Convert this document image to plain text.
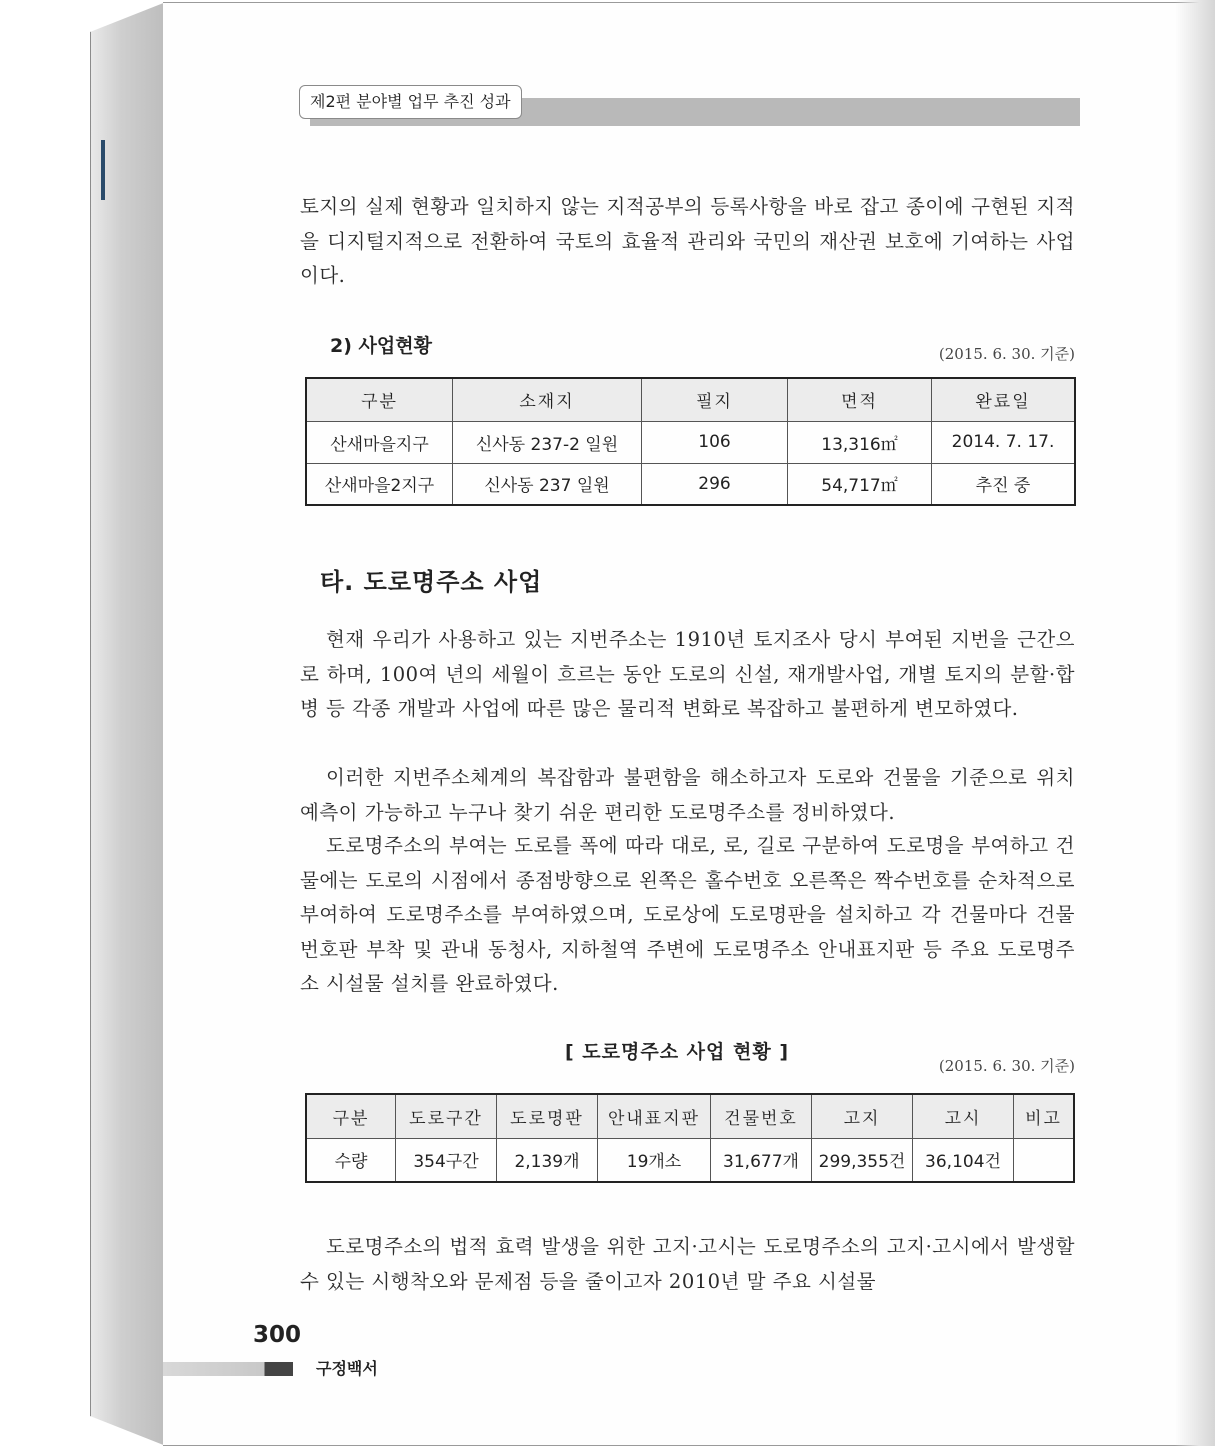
제2편 분야별 업무 추진 성과

토지의 실제 현황과 일치하지 않는 지적공부의 등록사항을 바로 잡고 종이에 구현된 지적을 디지털지적으로 전환하여 국토의 효율적 관리와 국민의 재산권 보호에 기여하는 사업이다.

2) 사업현황	(2015. 6. 30. 기준)
구분	소재지	필지	면적	완료일
산새마을지구	신사동 237-2 일원	106	13,316㎡	2014. 7. 17.
산새마을2지구	신사동 237 일원	296	54,717㎡	추진 중
타. 도로명주소 사업

현재 우리가 사용하고 있는 지번주소는 1910년 토지조사 당시 부여된 지번을 근간으로 하며, 100여 년의 세월이 흐르는 동안 도로의 신설, 재개발사업, 개별 토지의 분할·합병 등 각종 개발과 사업에 따른 많은 물리적 변화로 복잡하고 불편하게 변모하였다.

이러한 지번주소체계의 복잡함과 불편함을 해소하고자 도로와 건물을 기준으로 위치 예측이 가능하고 누구나 찾기 쉬운 편리한 도로명주소를 정비하였다.

도로명주소의 부여는 도로를 폭에 따라 대로, 로, 길로 구분하여 도로명을 부여하고 건물에는 도로의 시점에서 종점방향으로 왼쪽은 홀수번호 오른쪽은 짝수번호를 순차적으로 부여하여 도로명주소를 부여하였으며, 도로상에 도로명판을 설치하고 각 건물마다 건물번호판 부착 및 관내 동청사, 지하철역 주변에 도로명주소 안내표지판 등 주요 도로명주소 시설물 설치를 완료하였다.

[ 도로명주소 사업 현황 ]
(2015. 6. 30. 기준)
구분	도로구간	도로명판	안내표지판	건물번호	고지	고시	비고
수량	354구간	2,139개	19개소	31,677개	299,355건	36,104건	

도로명주소의 법적 효력 발생을 위한 고지·고시는 도로명주소의 고지·고시에서 발생할 수 있는 시행착오와 문제점 등을 줄이고자 2010년 말 주요 시설물

300
구정백서
